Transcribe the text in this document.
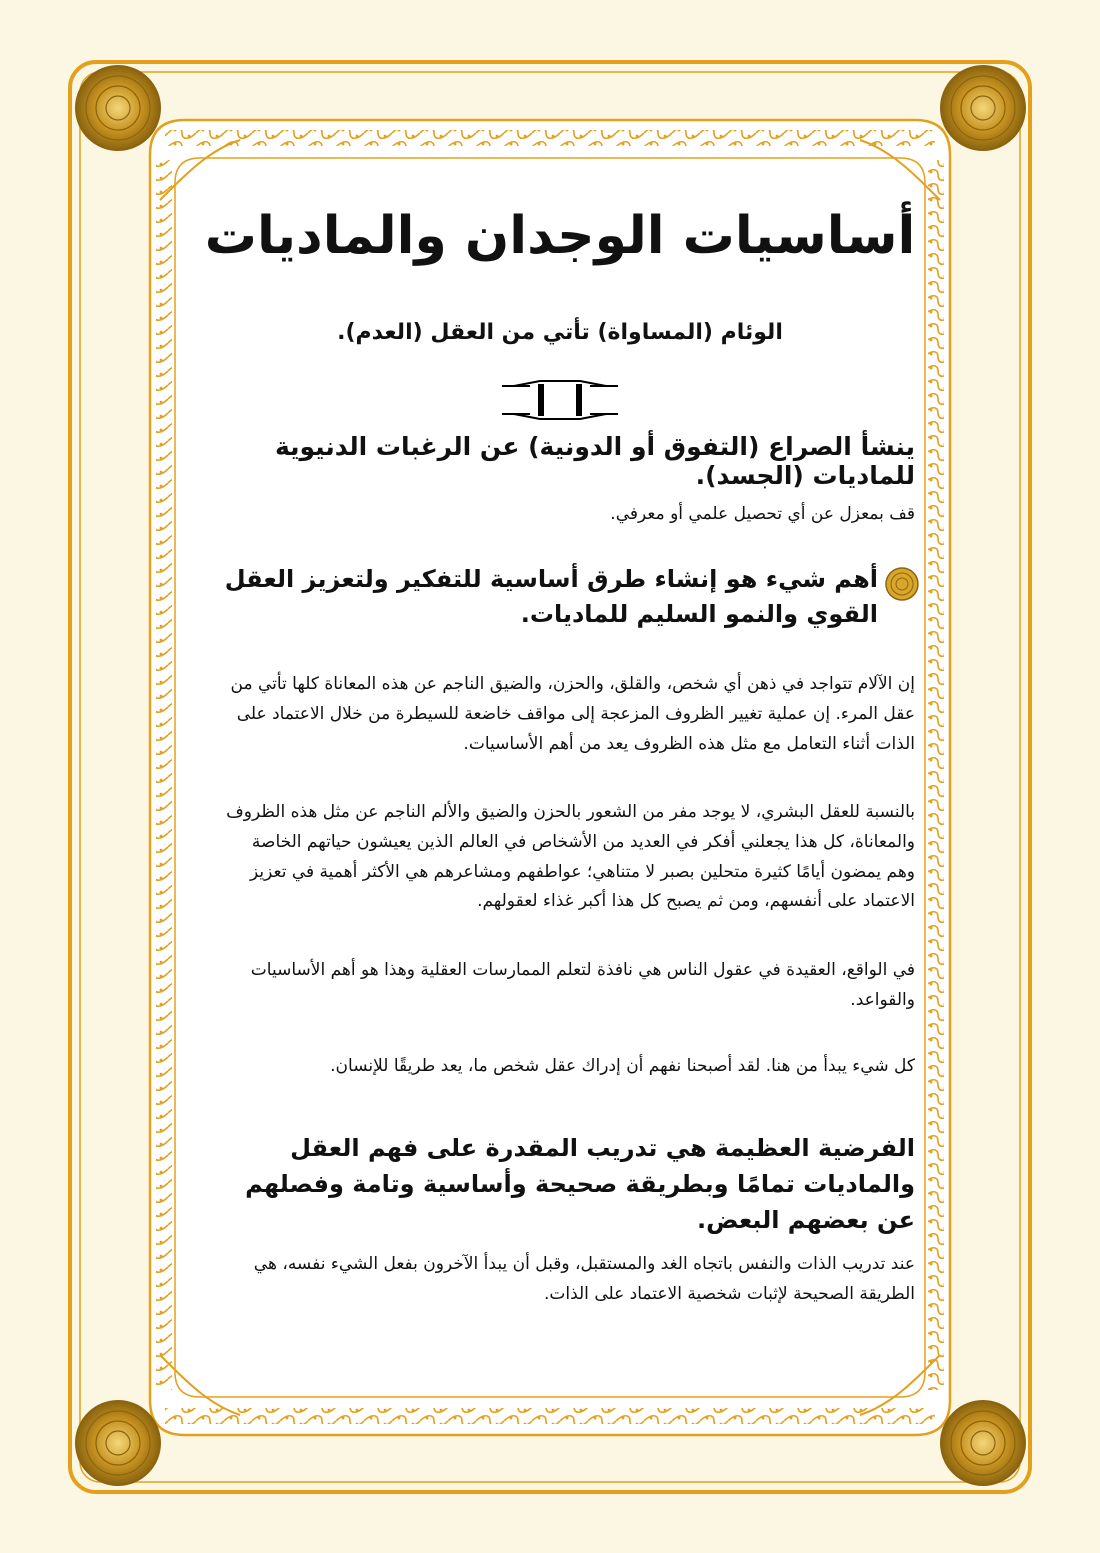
أساسيات الوجدان والماديات

الوئام (المساواة) تأتي من العقل (العدم).

ينشأ الصراع (التفوق أو الدونية) عن الرغبات الدنيوية للماديات (الجسد).

قف بمعزل عن أي تحصيل علمي أو معرفي.

أهم شيء هو إنشاء طرق أساسية للتفكير ولتعزيز العقل القوي والنمو السليم للماديات.

إن الآلام تتواجد في ذهن أي شخص، والقلق، والحزن، والضيق الناجم عن هذه المعاناة كلها تأتي من عقل المرء. إن عملية تغيير الظروف المزعجة إلى مواقف خاضعة للسيطرة من خلال الاعتماد على الذات أثناء التعامل مع مثل هذه الظروف يعد من أهم الأساسيات.

بالنسبة للعقل البشري، لا يوجد مفر من الشعور بالحزن والضيق والألم الناجم عن مثل هذه الظروف والمعاناة، كل هذا يجعلني أفكر في العديد من الأشخاص في العالم الذين يعيشون حياتهم الخاصة وهم يمضون أيامًا كثيرة متحلين بصبر لا متناهي؛ عواطفهم ومشاعرهم هي الأكثر أهمية في تعزيز الاعتماد على أنفسهم، ومن ثم يصبح كل هذا أكبر غذاء لعقولهم.

في الواقع، العقيدة في عقول الناس هي نافذة لتعلم الممارسات العقلية وهذا هو أهم الأساسيات والقواعد.

كل شيء يبدأ من هنا. لقد أصبحنا نفهم أن إدراك عقل شخص ما، يعد طريقًا للإنسان.

الفرضية العظيمة هي تدريب المقدرة على فهم العقل والماديات تمامًا وبطريقة صحيحة وأساسية وتامة وفصلهم عن بعضهم البعض.

عند تدريب الذات والنفس باتجاه الغد والمستقبل، وقبل أن يبدأ الآخرون بفعل الشيء نفسه، هي الطريقة الصحيحة لإثبات شخصية الاعتماد على الذات.
